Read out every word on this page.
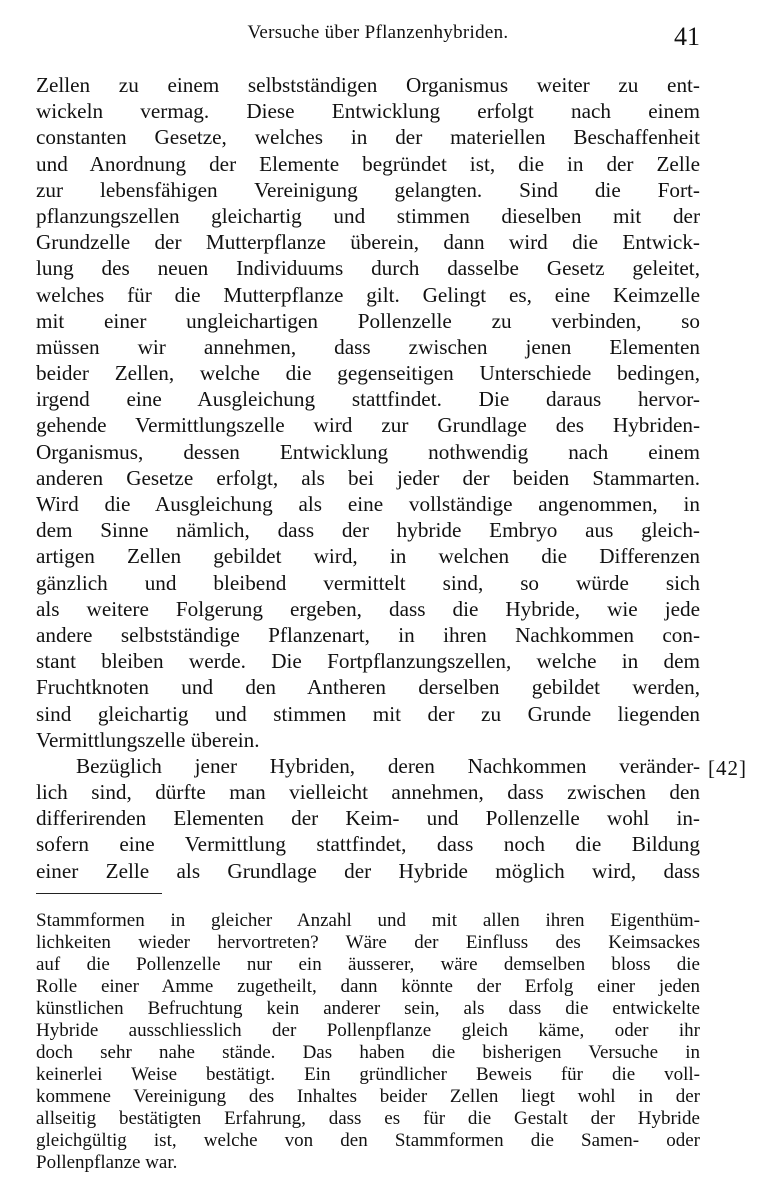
Versuche über Pflanzenhybriden.	41
Zellen zu einem selbstständigen Organismus weiter zu ent-
wickeln vermag. Diese Entwicklung erfolgt nach einem
constanten Gesetze, welches in der materiellen Beschaffenheit
und Anordnung der Elemente begründet ist, die in der Zelle
zur lebensfähigen Vereinigung gelangten. Sind die Fort-
pflanzungszellen gleichartig und stimmen dieselben mit der
Grundzelle der Mutterpflanze überein, dann wird die Entwick-
lung des neuen Individuums durch dasselbe Gesetz geleitet,
welches für die Mutterpflanze gilt. Gelingt es, eine Keimzelle
mit einer ungleichartigen Pollenzelle zu verbinden, so
müssen wir annehmen, dass zwischen jenen Elementen
beider Zellen, welche die gegenseitigen Unterschiede bedingen,
irgend eine Ausgleichung stattfindet. Die daraus hervor-
gehende Vermittlungszelle wird zur Grundlage des Hybriden-
Organismus, dessen Entwicklung nothwendig nach einem
anderen Gesetze erfolgt, als bei jeder der beiden Stammarten.
Wird die Ausgleichung als eine vollständige angenommen, in
dem Sinne nämlich, dass der hybride Embryo aus gleich-
artigen Zellen gebildet wird, in welchen die Differenzen
gänzlich und bleibend vermittelt sind, so würde sich
als weitere Folgerung ergeben, dass die Hybride, wie jede
andere selbstständige Pflanzenart, in ihren Nachkommen con-
stant bleiben werde. Die Fortpflanzungszellen, welche in dem
Fruchtknoten und den Antheren derselben gebildet werden,
sind gleichartig und stimmen mit der zu Grunde liegenden
Vermittlungszelle überein.
Bezüglich jener Hybriden, deren Nachkommen veränder-
lich sind, dürfte man vielleicht annehmen, dass zwischen den
differirenden Elementen der Keim- und Pollenzelle wohl in-
sofern eine Vermittlung stattfindet, dass noch die Bildung
einer Zelle als Grundlage der Hybride möglich wird, dass
[42]
Stammformen in gleicher Anzahl und mit allen ihren Eigenthüm-
lichkeiten wieder hervortreten? Wäre der Einfluss des Keimsackes
auf die Pollenzelle nur ein äusserer, wäre demselben bloss die
Rolle einer Amme zugetheilt, dann könnte der Erfolg einer jeden
künstlichen Befruchtung kein anderer sein, als dass die entwickelte
Hybride ausschliesslich der Pollenpflanze gleich käme, oder ihr
doch sehr nahe stände. Das haben die bisherigen Versuche in
keinerlei Weise bestätigt. Ein gründlicher Beweis für die voll-
kommene Vereinigung des Inhaltes beider Zellen liegt wohl in der
allseitig bestätigten Erfahrung, dass es für die Gestalt der Hybride
gleichgültig ist, welche von den Stammformen die Samen- oder
Pollenpflanze war.
